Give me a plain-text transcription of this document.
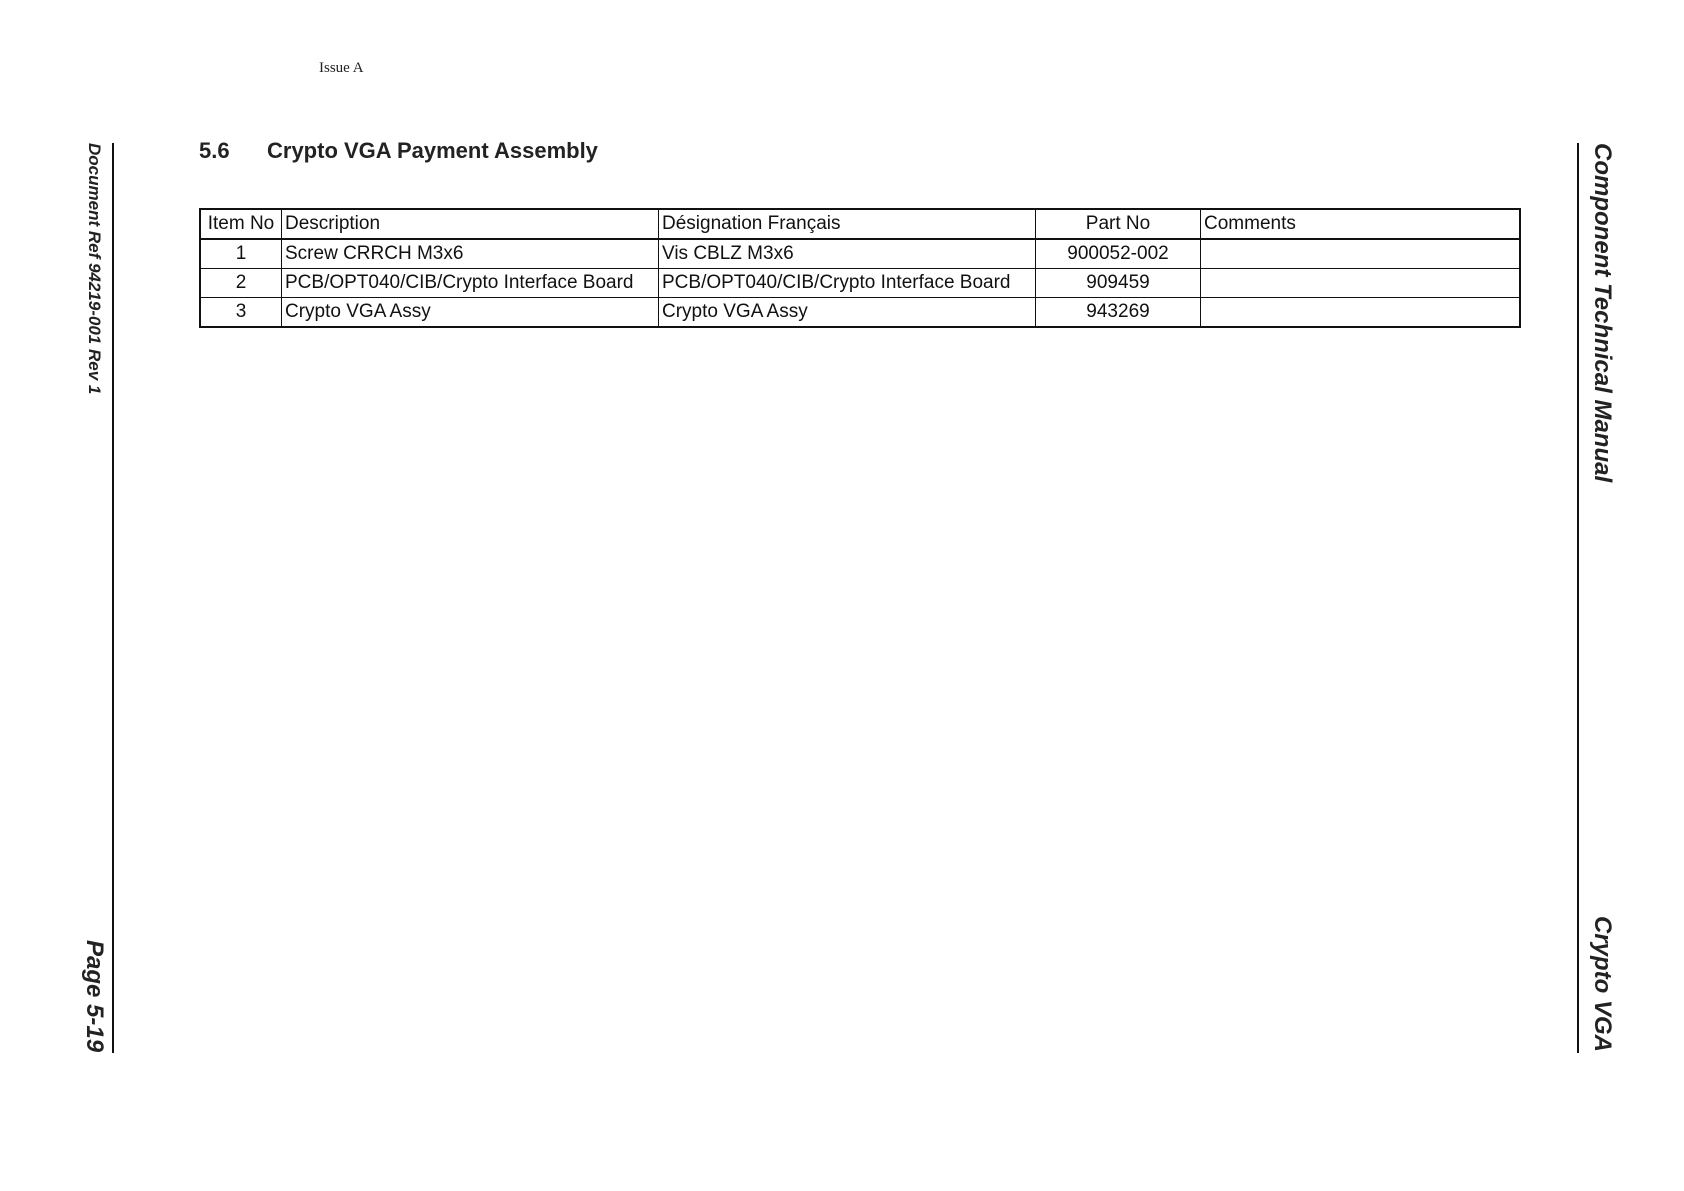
Issue A
Document Ref 94219-001 Rev 1
Page 5-19
Component Technical Manual
Crypto VGA
5.6	Crypto VGA Payment Assembly
Item No	Description	Désignation Français	Part No	Comments
1	Screw CRRCH M3x6	Vis CBLZ M3x6	900052-002	
2	PCB/OPT040/CIB/Crypto Interface Board	PCB/OPT040/CIB/Crypto Interface Board	909459	
3	Crypto VGA Assy	Crypto VGA Assy	943269	
